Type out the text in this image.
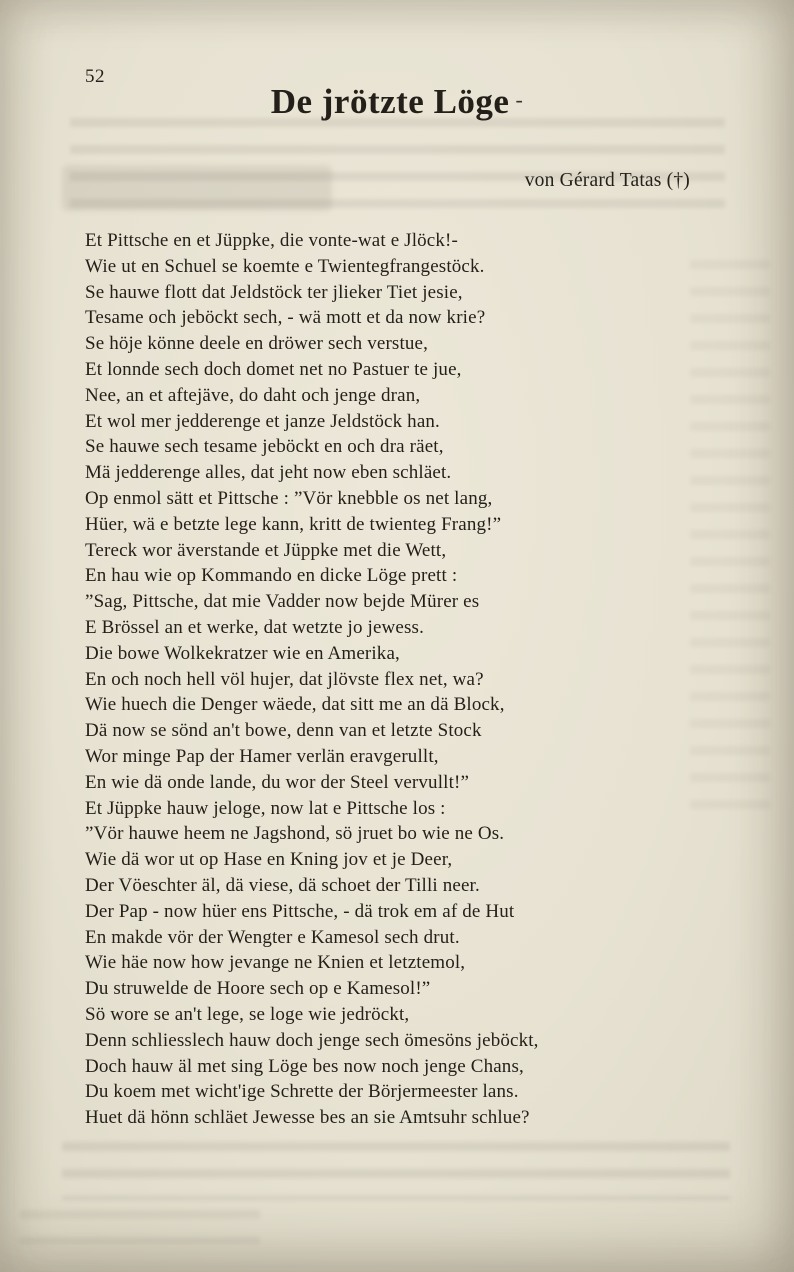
52
De jrötzte Löge -
von Gérard Tatas (†)
Et Pittsche en et Jüppke, die vonte-wat e Jlöck!-
Wie ut en Schuel se koemte e Twientegfrangestöck.
Se hauwe flott dat Jeldstöck ter jlieker Tiet jesie,
Tesame och jeböckt sech, - wä mott et da now krie?
Se höje könne deele en dröwer sech verstue,
Et lonnde sech doch domet net no Pastuer te jue,
Nee, an et aftejäve, do daht och jenge dran,
Et wol mer jedderenge et janze Jeldstöck han.
Se hauwe sech tesame jeböckt en och dra räet,
Mä jedderenge alles, dat jeht now eben schläet.
Op enmol sätt et Pittsche : ”Vör knebble os net lang,
Hüer, wä e betzte lege kann, kritt de twienteg Frang!”
Tereck wor äverstande et Jüppke met die Wett,
En hau wie op Kommando en dicke Löge prett :
”Sag, Pittsche, dat mie Vadder now bejde Mürer es
E Brössel an et werke, dat wetzte jo jewess.
Die bowe Wolkekratzer wie en Amerika,
En och noch hell völ hujer, dat jlövste flex net, wa?
Wie huech die Denger wäede, dat sitt me an dä Block,
Dä now se sönd an't bowe, denn van et letzte Stock
Wor minge Pap der Hamer verlän eravgerullt,
En wie dä onde lande, du wor der Steel vervullt!”
Et Jüppke hauw jeloge, now lat e Pittsche los :
”Vör hauwe heem ne Jagshond, sö jruet bo wie ne Os.
Wie dä wor ut op Hase en Kning jov et je Deer,
Der Vöeschter äl, dä viese, dä schoet der Tilli neer.
Der Pap - now hüer ens Pittsche, - dä trok em af de Hut
En makde vör der Wengter e Kamesol sech drut.
Wie häe now how jevange ne Knien et letztemol,
Du struwelde de Hoore sech op e Kamesol!”
Sö wore se an't lege, se loge wie jedröckt,
Denn schliesslech hauw doch jenge sech ömesöns jeböckt,
Doch hauw äl met sing Löge bes now noch jenge Chans,
Du koem met wicht'ige Schrette der Börjermeester lans.
Huet dä hönn schläet Jewesse bes an sie Amtsuhr schlue?
